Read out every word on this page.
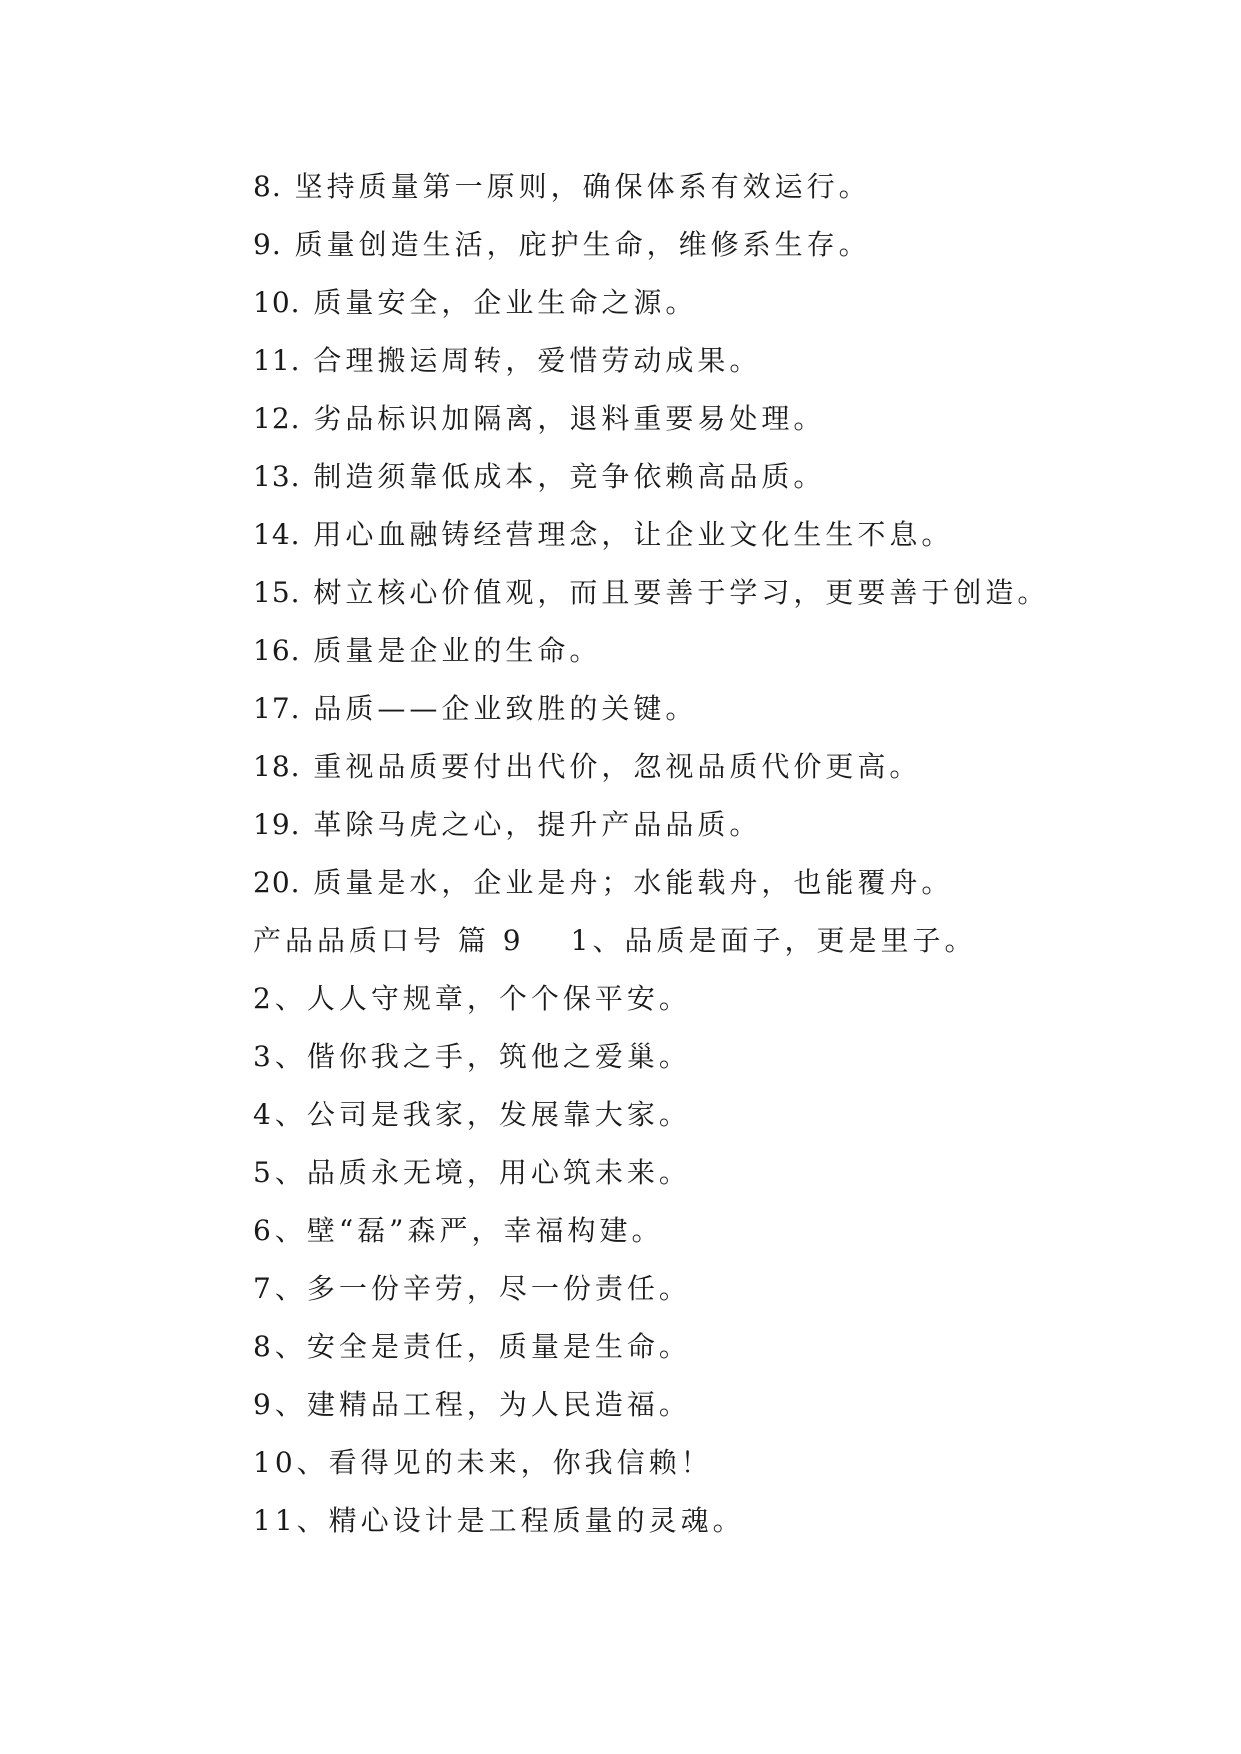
8. 坚持质量第一原则，确保体系有效运行。
9. 质量创造生活，庇护生命，维修系生存。
10. 质量安全，企业生命之源。
11. 合理搬运周转，爱惜劳动成果。
12. 劣品标识加隔离，退料重要易处理。
13. 制造须靠低成本，竞争依赖高品质。
14. 用心血融铸经营理念，让企业文化生生不息。
15. 树立核心价值观，而且要善于学习，更要善于创造。
16. 质量是企业的生命。
17. 品质——企业致胜的关键。
18. 重视品质要付出代价，忽视品质代价更高。
19. 革除马虎之心，提升产品品质。
20. 质量是水，企业是舟；水能载舟，也能覆舟。
产品品质口号 篇 9 1、品质是面子，更是里子。
2、人人守规章，个个保平安。
3、偕你我之手，筑他之爱巢。
4、公司是我家，发展靠大家。
5、品质永无境，用心筑未来。
6、壁“磊”森严，幸福构建。
7、多一份辛劳，尽一份责任。
8、安全是责任，质量是生命。
9、建精品工程，为人民造福。
10、看得见的未来，你我信赖！
11、精心设计是工程质量的灵魂。
